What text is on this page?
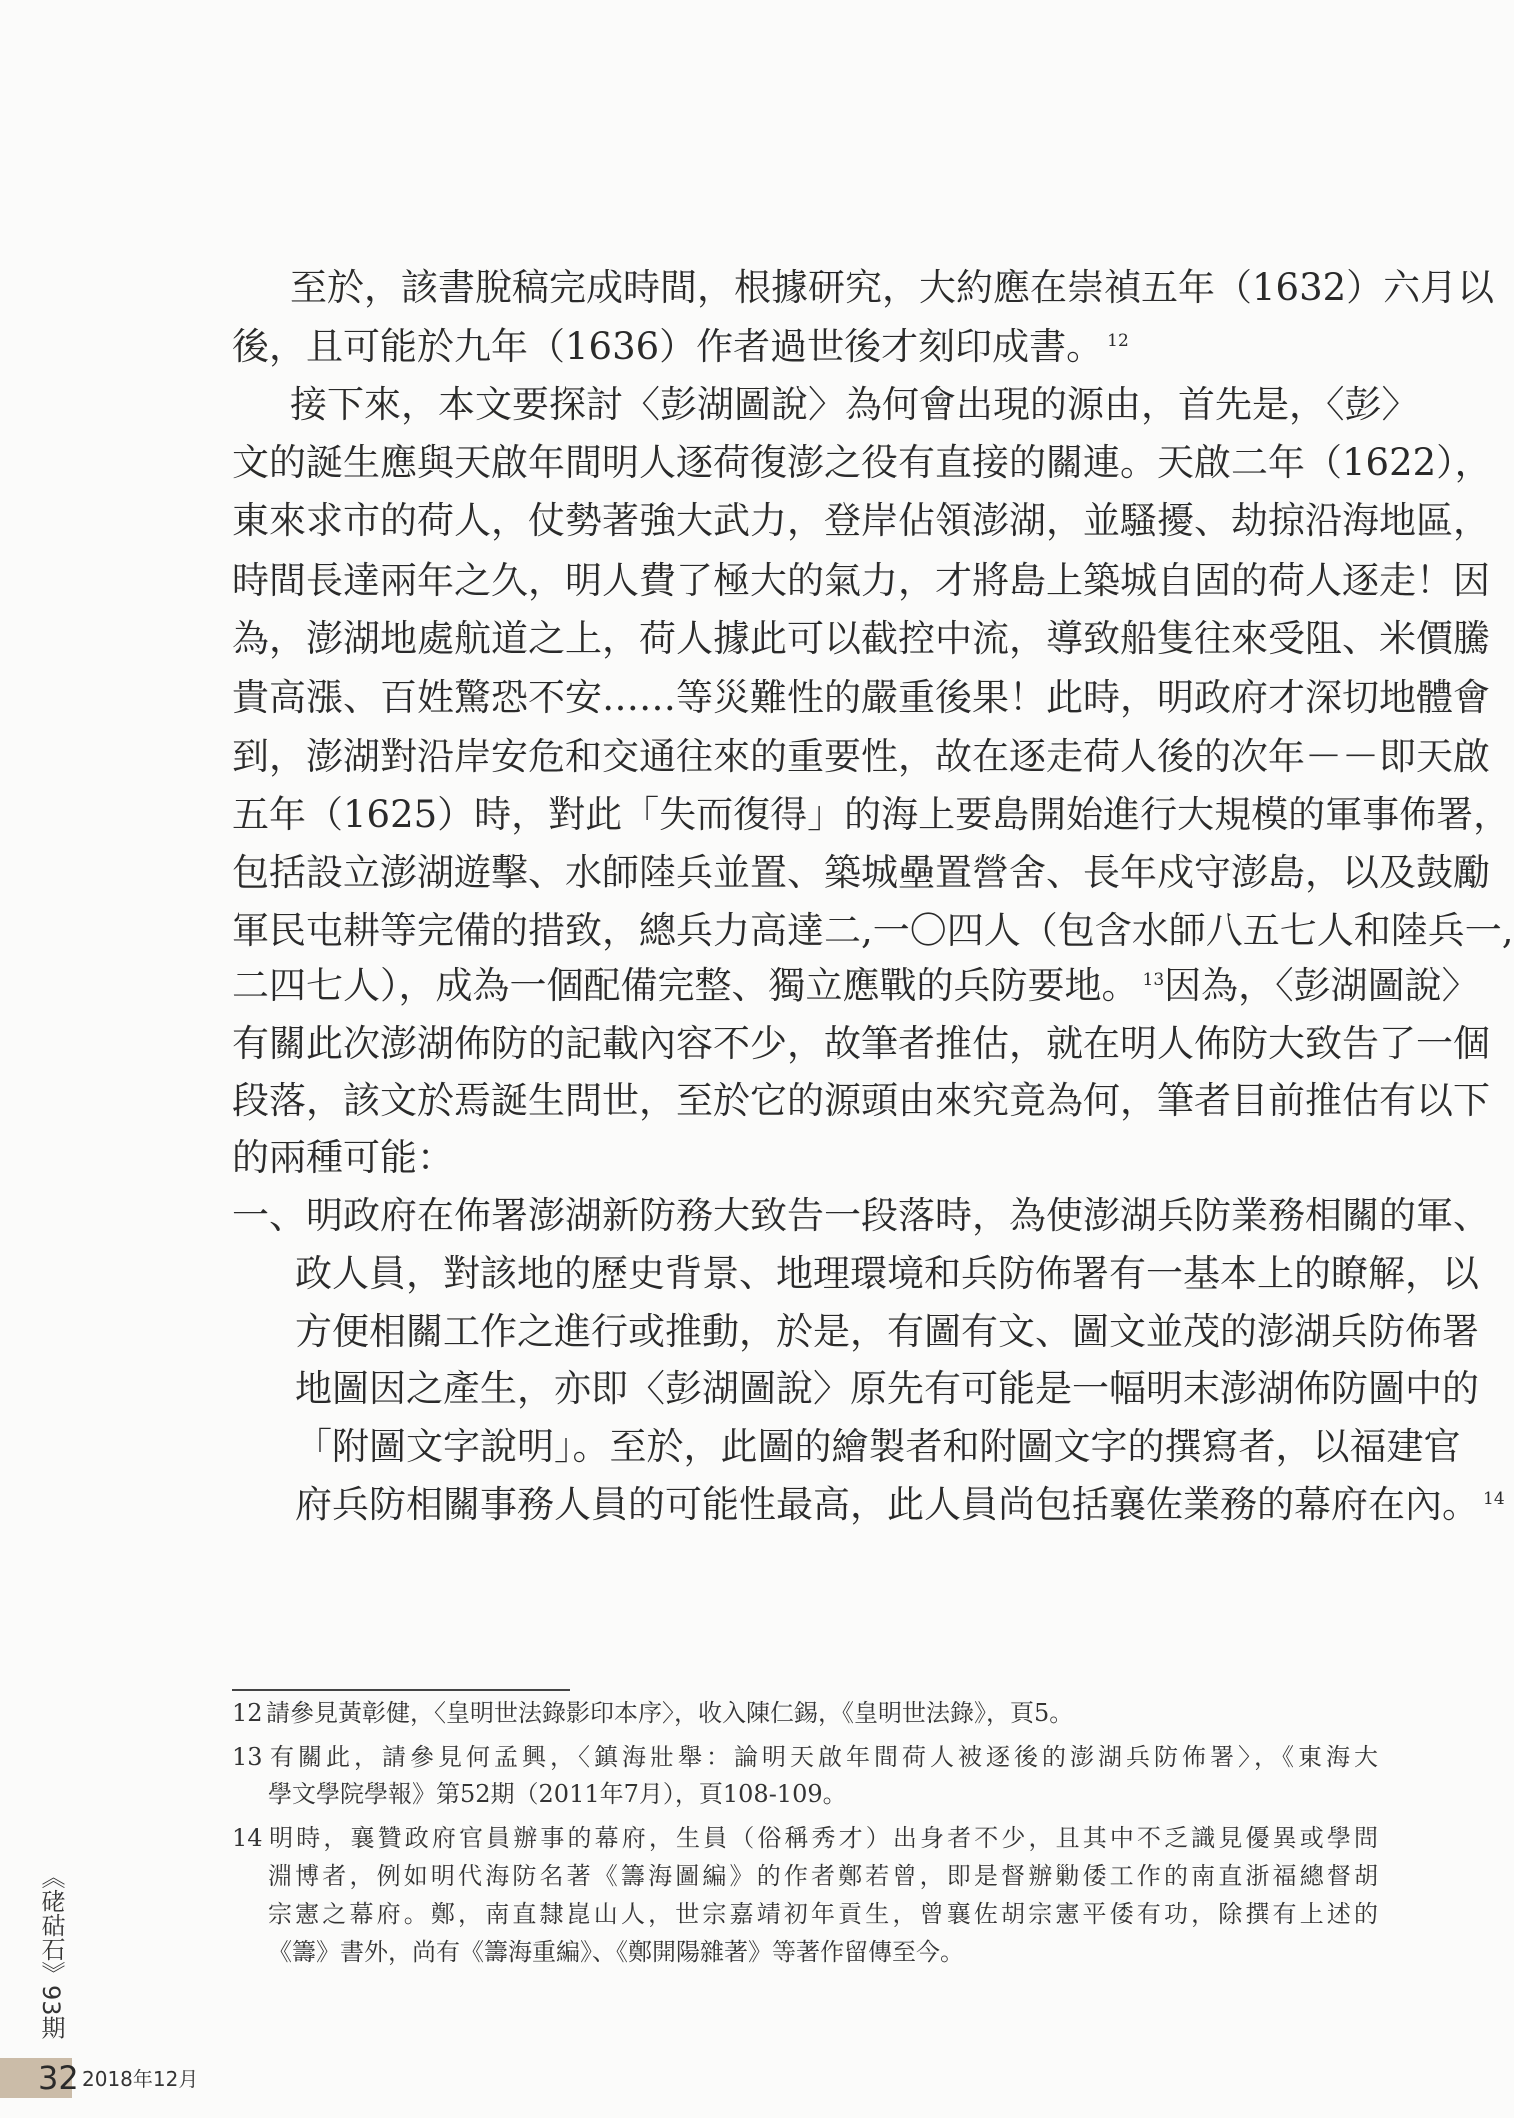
至於，該書脫稿完成時間，根據研究，大約應在崇禎五年（1632）六月以
後，且可能於九年（1636）作者過世後才刻印成書。 $^{12}$
接下來，本文要探討〈彭湖圖說〉為何會出現的源由，首先是，〈彭〉
文的誕生應與天啟年間明人逐荷復澎之役有直接的關連。天啟二年（1622），
東來求市的荷人，仗勢著強大武力，登岸佔領澎湖，並騷擾、劫掠沿海地區，
時間長達兩年之久，明人費了極大的氣力，才將島上築城自固的荷人逐走！因
為，澎湖地處航道之上，荷人據此可以截控中流，導致船隻往來受阻、米價騰
貴高漲、百姓驚恐不安……等災難性的嚴重後果！此時，明政府才深切地體會
到，澎湖對沿岸安危和交通往來的重要性，故在逐走荷人後的次年－－即天啟
五年（1625）時，對此「失而復得」的海上要島開始進行大規模的軍事佈署，
包括設立澎湖遊擊、水師陸兵並置、築城壘置營舍、長年戍守澎島，以及鼓勵
軍民屯耕等完備的措致，總兵力高達二,一〇四人（包含水師八五七人和陸兵一,
二四七人），成為一個配備完整、獨立應戰的兵防要地。 $^{13}$因為，〈彭湖圖說〉
有關此次澎湖佈防的記載內容不少，故筆者推估，就在明人佈防大致告了一個
段落，該文於焉誕生問世，至於它的源頭由來究竟為何，筆者目前推估有以下
的兩種可能：
一、明政府在佈署澎湖新防務大致告一段落時，為使澎湖兵防業務相關的軍、
政人員，對該地的歷史背景、地理環境和兵防佈署有一基本上的瞭解，以
方便相關工作之進行或推動，於是，有圖有文、圖文並茂的澎湖兵防佈署
地圖因之產生，亦即〈彭湖圖說〉原先有可能是一幅明末澎湖佈防圖中的
「附圖文字說明」。至於，此圖的繪製者和附圖文字的撰寫者，以福建官
府兵防相關事務人員的可能性最高，此人員尚包括襄佐業務的幕府在內。 $^{14}$
12 請參見黃彰健，〈皇明世法錄影印本序〉，收入陳仁錫，《皇明世法錄》，頁5。
13 有關此，請參見何孟興，〈鎮海壯舉：論明天啟年間荷人被逐後的澎湖兵防佈署〉，《東海大
學文學院學報》第52期（2011年7月），頁108-109。
14 明時，襄贊政府官員辦事的幕府，生員（俗稱秀才）出身者不少，且其中不乏識見優異或學問
淵博者，例如明代海防名著《籌海圖編》的作者鄭若曾，即是督辦勦倭工作的南直浙福總督胡
宗憲之幕府。鄭，南直隸崑山人，世宗嘉靖初年貢生，曾襄佐胡宗憲平倭有功，除撰有上述的
《籌》書外，尚有《籌海重編》、《鄭開陽雜著》等著作留傳至今。
《硓𥑮石》93期
32 2018年12月
